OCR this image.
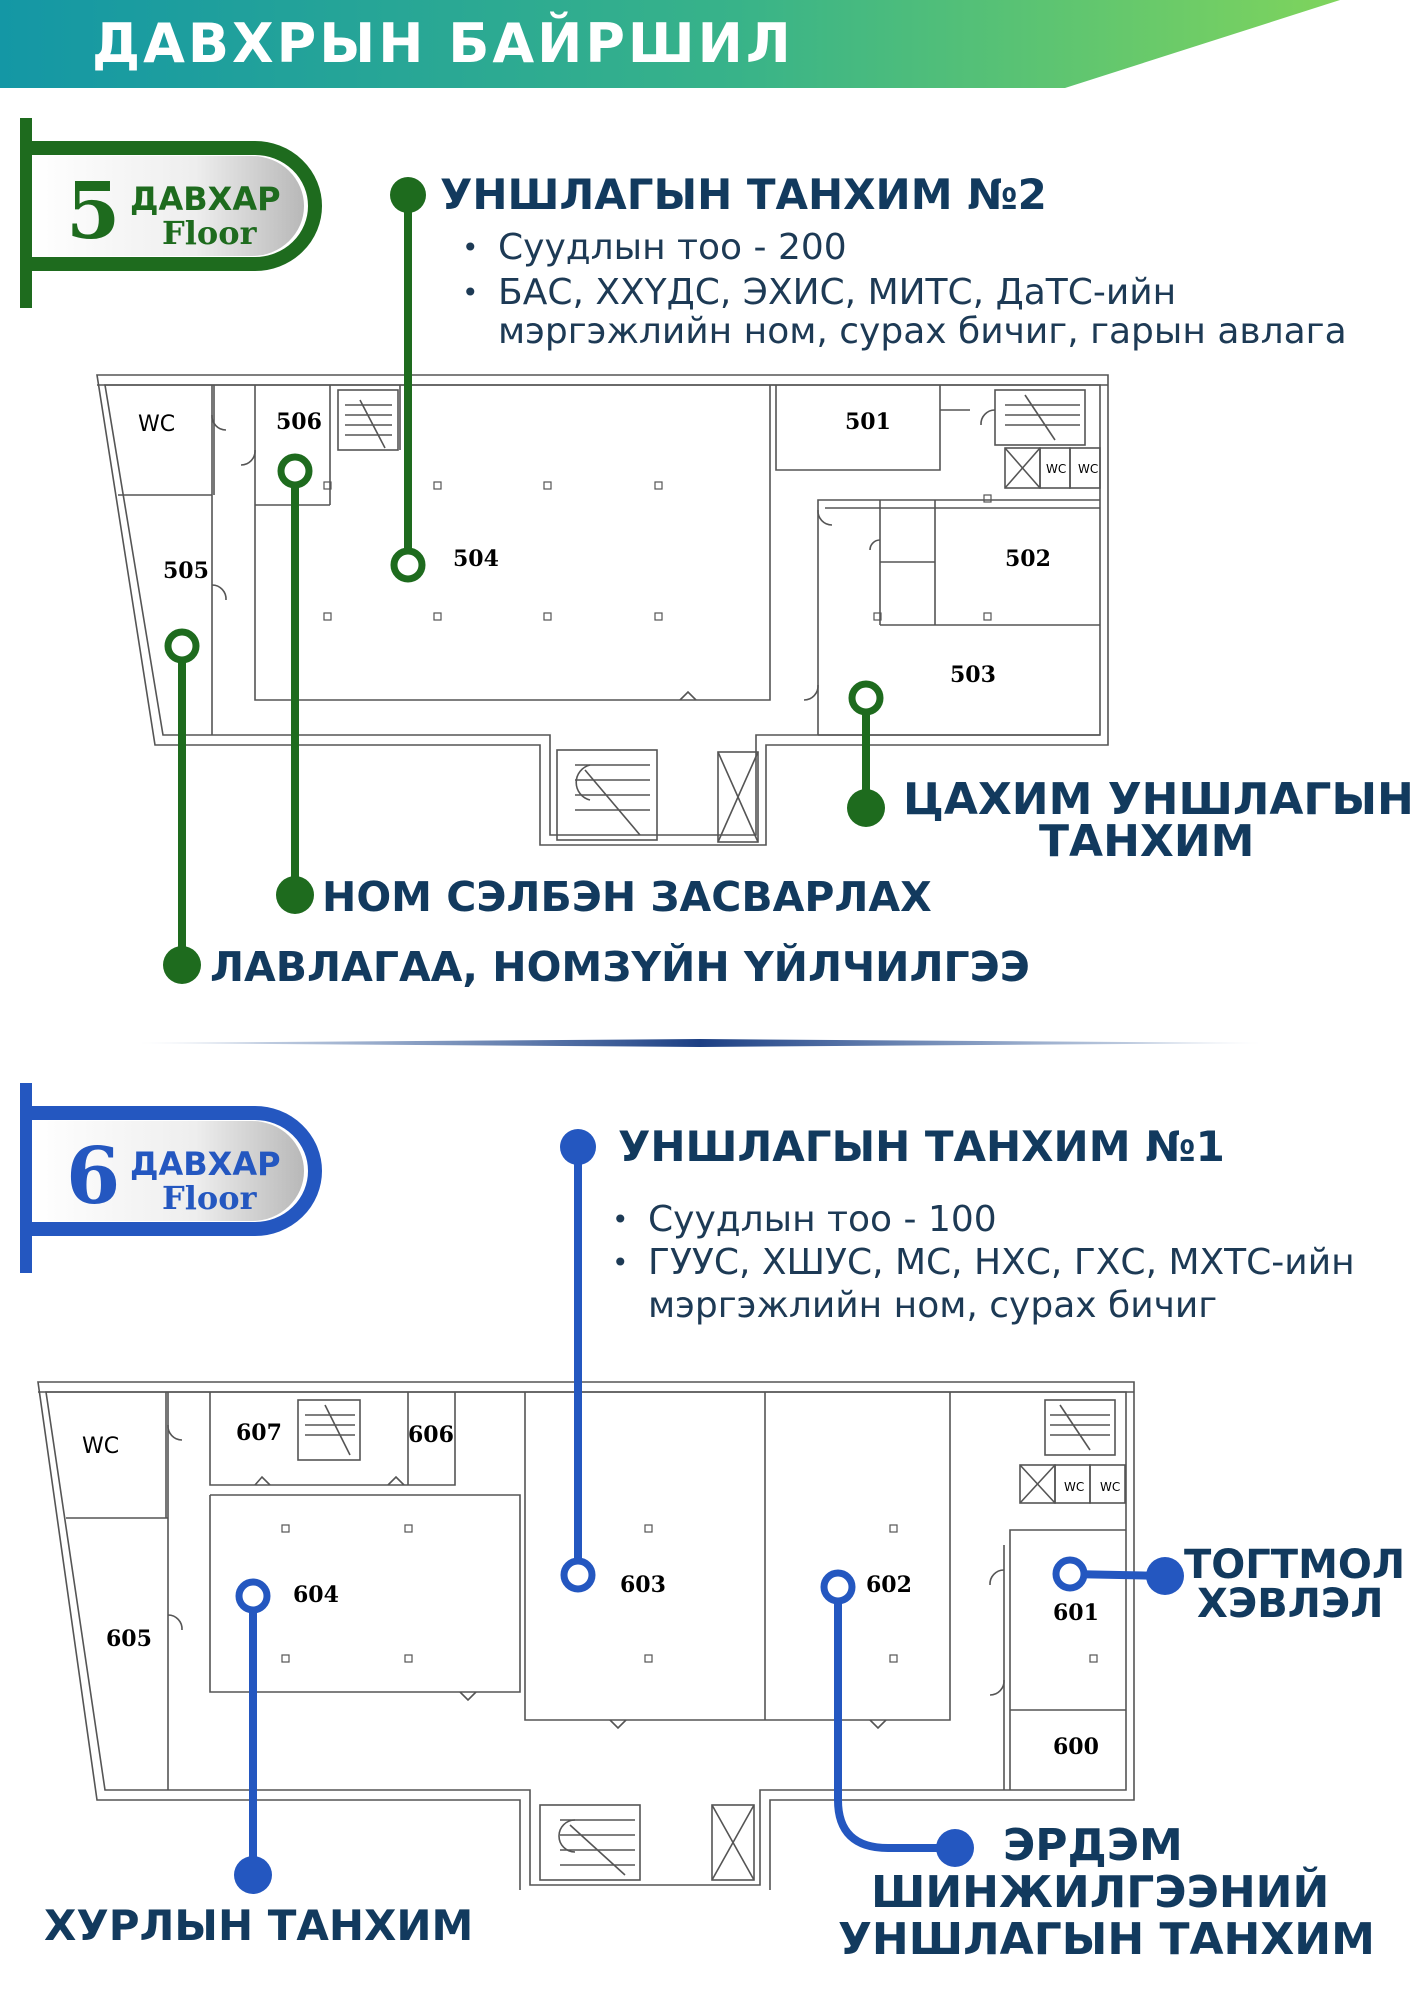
ДАВХРЫН БАЙРШИЛ
5 ДАВХАР
Floor
УНШЛАГЫН ТАНХИМ №2
• Суудлын тоо - 200
• БАС, ХХҮДС, ЭХИС, МИТС, ДаТС-ийн
мэргэжлийн ном, сурах бичиг, гарын авлага
WC	506
505	504
501
502
503
WC WC
ЦАХИМ УНШЛАГЫН
ТАНХИМ
НОМ СЭЛБЭН ЗАСВАРЛАХ
ЛАВЛАГАА, НОМЗҮЙН ҮЙЛЧИЛГЭЭ
6 ДАВХАР
Floor
УНШЛАГЫН ТАНХИМ №1
• Суудлын тоо - 100
• ГУУС, ХШУС, МС, НХС, ГХС, МХТС-ийн
мэргэжлийн ном, сурах бичиг
WC
607	606
605
604	603	602
601
600
WC WC
ТОГТМОЛ
ХЭВЛЭЛ
ХУРЛЫН ТАНХИМ
ЭРДЭМ
ШИНЖИЛГЭЭНИЙ
УНШЛАГЫН ТАНХИМ
